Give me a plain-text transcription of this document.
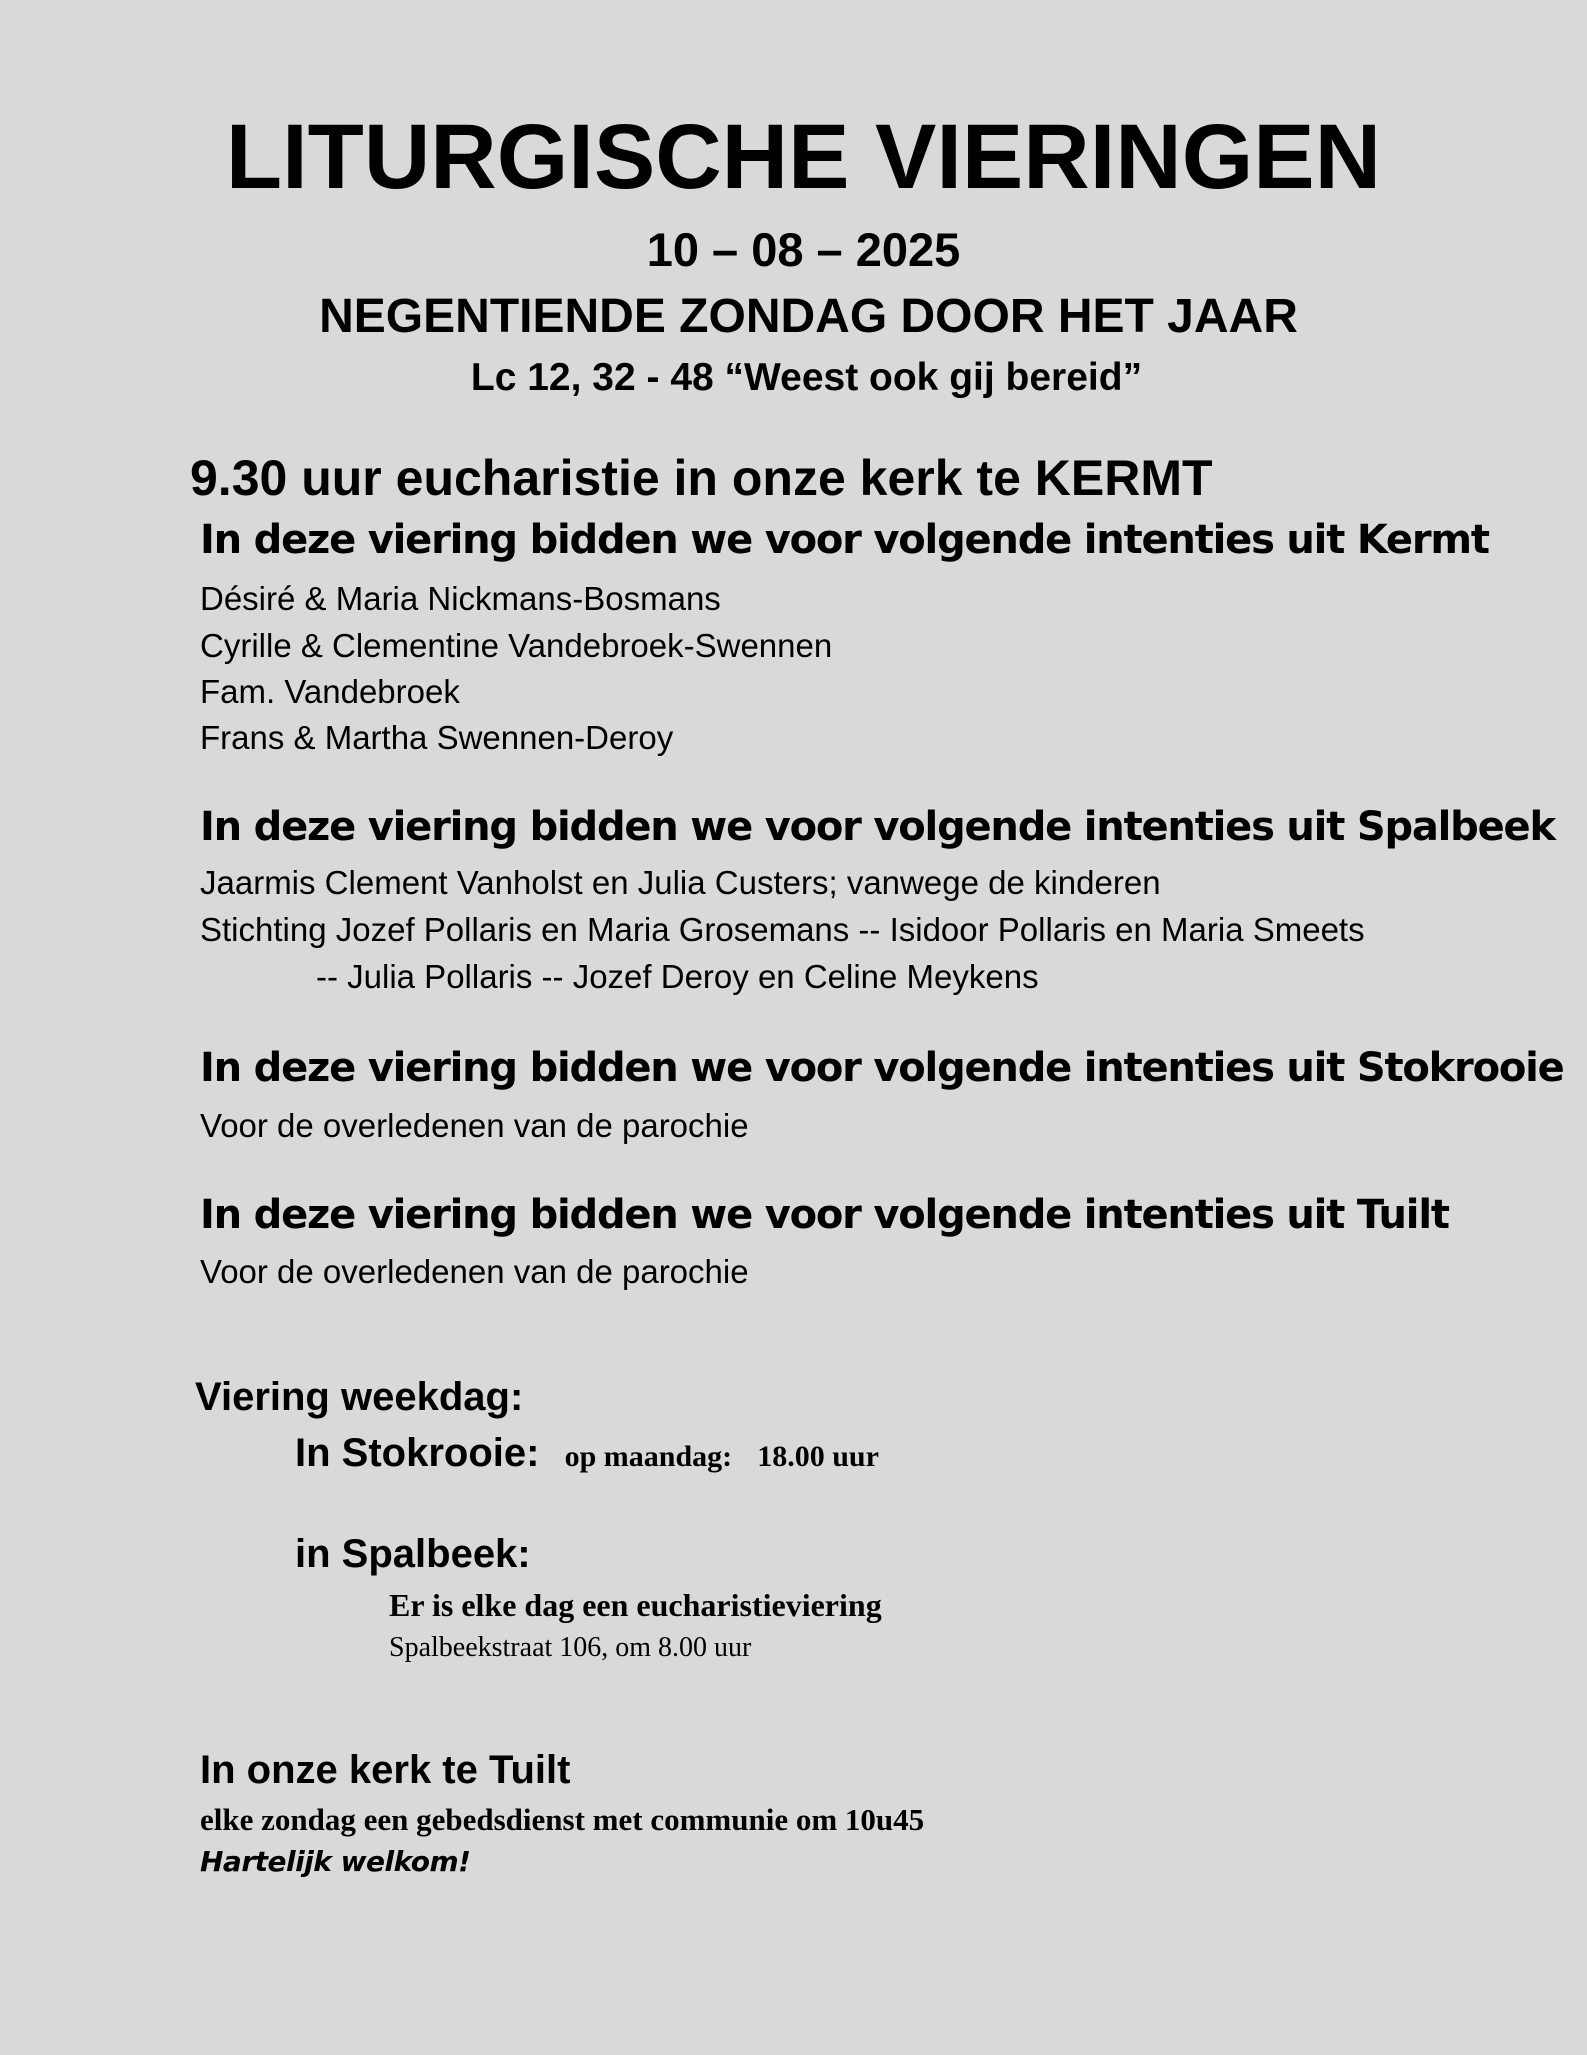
LITURGISCHE VIERINGEN
10 – 08 – 2025
NEGENTIENDE ZONDAG DOOR HET JAAR
Lc 12, 32 - 48 “Weest ook gij bereid”
9.30 uur eucharistie in onze kerk te KERMT
In deze viering bidden we voor volgende intenties uit Kermt
Désiré & Maria Nickmans-Bosmans
Cyrille & Clementine Vandebroek-Swennen
Fam. Vandebroek
Frans & Martha Swennen-Deroy
In deze viering bidden we voor volgende intenties uit Spalbeek
Jaarmis Clement Vanholst en Julia Custers; vanwege de kinderen
Stichting Jozef Pollaris en Maria Grosemans -- Isidoor Pollaris en Maria Smeets
-- Julia Pollaris -- Jozef Deroy en Celine Meykens
In deze viering bidden we voor volgende intenties uit Stokrooie
Voor de overledenen van de parochie
In deze viering bidden we voor volgende intenties uit Tuilt
Voor de overledenen van de parochie
Viering weekdag:
In Stokrooie: op maandag: 18.00 uur
in Spalbeek:
Er is elke dag een eucharistieviering
Spalbeekstraat 106, om 8.00 uur
In onze kerk te Tuilt
elke zondag een gebedsdienst met communie om 10u45
Hartelijk welkom!
